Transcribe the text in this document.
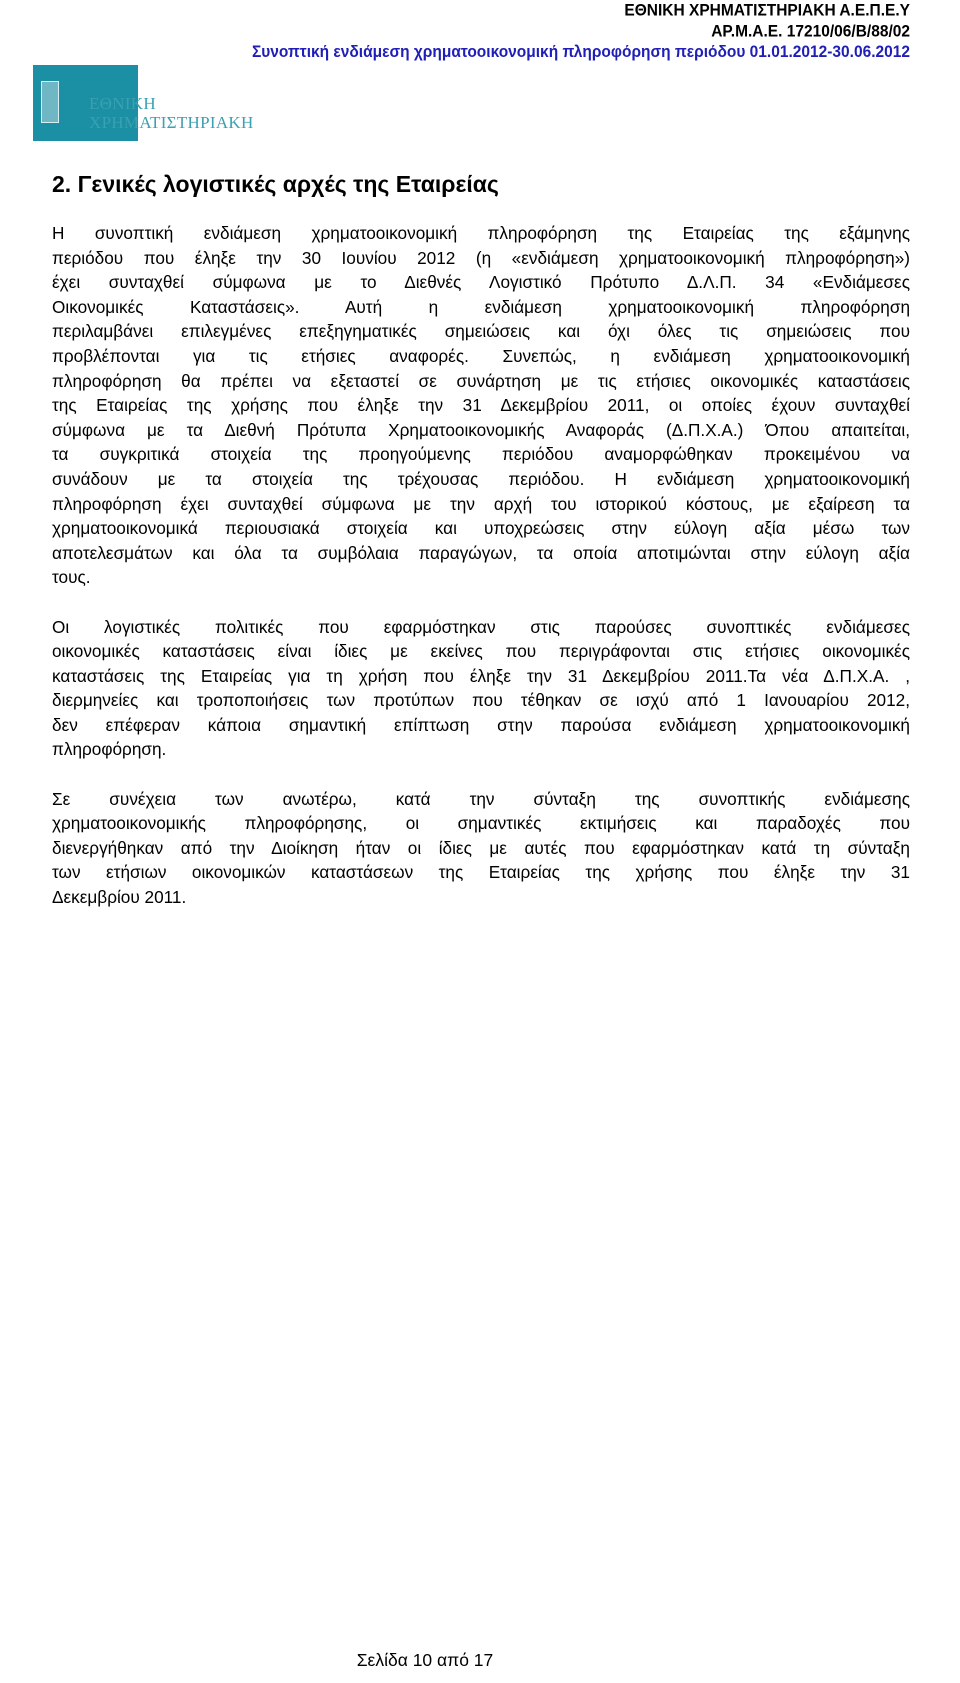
ΕΘΝΙΚΗ ΧΡΗΜΑΤΙΣΤΗΡΙΑΚΗ Α.Ε.Π.Ε.Υ
ΑΡ.Μ.Α.Ε. 17210/06/Β/88/02
Συνοπτική ενδιάμεση χρηματοοικονομική πληροφόρηση περιόδου 01.01.2012-30.06.2012
ΕΘΝΙΚΗ
ΧΡΗΜΑΤΙΣΤΗΡΙΑΚΗ
2. Γενικές λογιστικές αρχές της Εταιρείας
Η συνοπτική ενδιάμεση χρηματοοικονομική πληροφόρηση της Εταιρείας της εξάμηνης
περιόδου που έληξε την 30 Ιουνίου 2012 (η «ενδιάμεση χρηματοοικονομική πληροφόρηση»)
έχει συνταχθεί σύμφωνα με το Διεθνές Λογιστικό Πρότυπο Δ.Λ.Π. 34 «Ενδιάμεσες
Οικονομικές Καταστάσεις». Αυτή η ενδιάμεση χρηματοοικονομική πληροφόρηση
περιλαμβάνει επιλεγμένες επεξηγηματικές σημειώσεις και όχι όλες τις σημειώσεις που
προβλέπονται για τις ετήσιες αναφορές. Συνεπώς, η ενδιάμεση χρηματοοικονομική
πληροφόρηση θα πρέπει να εξεταστεί σε συνάρτηση με τις ετήσιες οικονομικές καταστάσεις
της Εταιρείας της χρήσης που έληξε την 31 Δεκεμβρίου 2011, οι οποίες έχουν συνταχθεί
σύμφωνα με τα Διεθνή Πρότυπα Χρηματοοικονομικής Αναφοράς (Δ.Π.Χ.Α.) Όπου απαιτείται,
τα συγκριτικά στοιχεία της προηγούμενης περιόδου αναμορφώθηκαν προκειμένου να
συνάδουν με τα στοιχεία της τρέχουσας περιόδου. Η ενδιάμεση χρηματοοικονομική
πληροφόρηση έχει συνταχθεί σύμφωνα με την αρχή του ιστορικού κόστους, με εξαίρεση τα
χρηματοοικονομικά περιουσιακά στοιχεία και υποχρεώσεις στην εύλογη αξία μέσω των
αποτελεσμάτων και όλα τα συμβόλαια παραγώγων, τα οποία αποτιμώνται στην εύλογη αξία
τους.
Οι λογιστικές πολιτικές που εφαρμόστηκαν στις παρούσες συνοπτικές ενδιάμεσες
οικονομικές καταστάσεις είναι ίδιες με εκείνες που περιγράφονται στις ετήσιες οικονομικές
καταστάσεις της Εταιρείας για τη χρήση που έληξε την 31 Δεκεμβρίου 2011.Τα νέα Δ.Π.Χ.Α. ,
διερμηνείες και τροποποιήσεις των προτύπων που τέθηκαν σε ισχύ από 1 Ιανουαρίου 2012,
δεν επέφεραν κάποια σημαντική επίπτωση στην παρούσα ενδιάμεση χρηματοοικονομική
πληροφόρηση.
Σε συνέχεια των ανωτέρω, κατά την σύνταξη της συνοπτικής ενδιάμεσης
χρηματοοικονομικής πληροφόρησης, οι σημαντικές εκτιμήσεις και παραδοχές που
διενεργήθηκαν από την Διοίκηση ήταν οι ίδιες με αυτές που εφαρμόστηκαν κατά τη σύνταξη
των ετήσιων οικονομικών καταστάσεων της Εταιρείας της χρήσης που έληξε την 31
Δεκεμβρίου 2011.
Σελίδα 10 από 17
